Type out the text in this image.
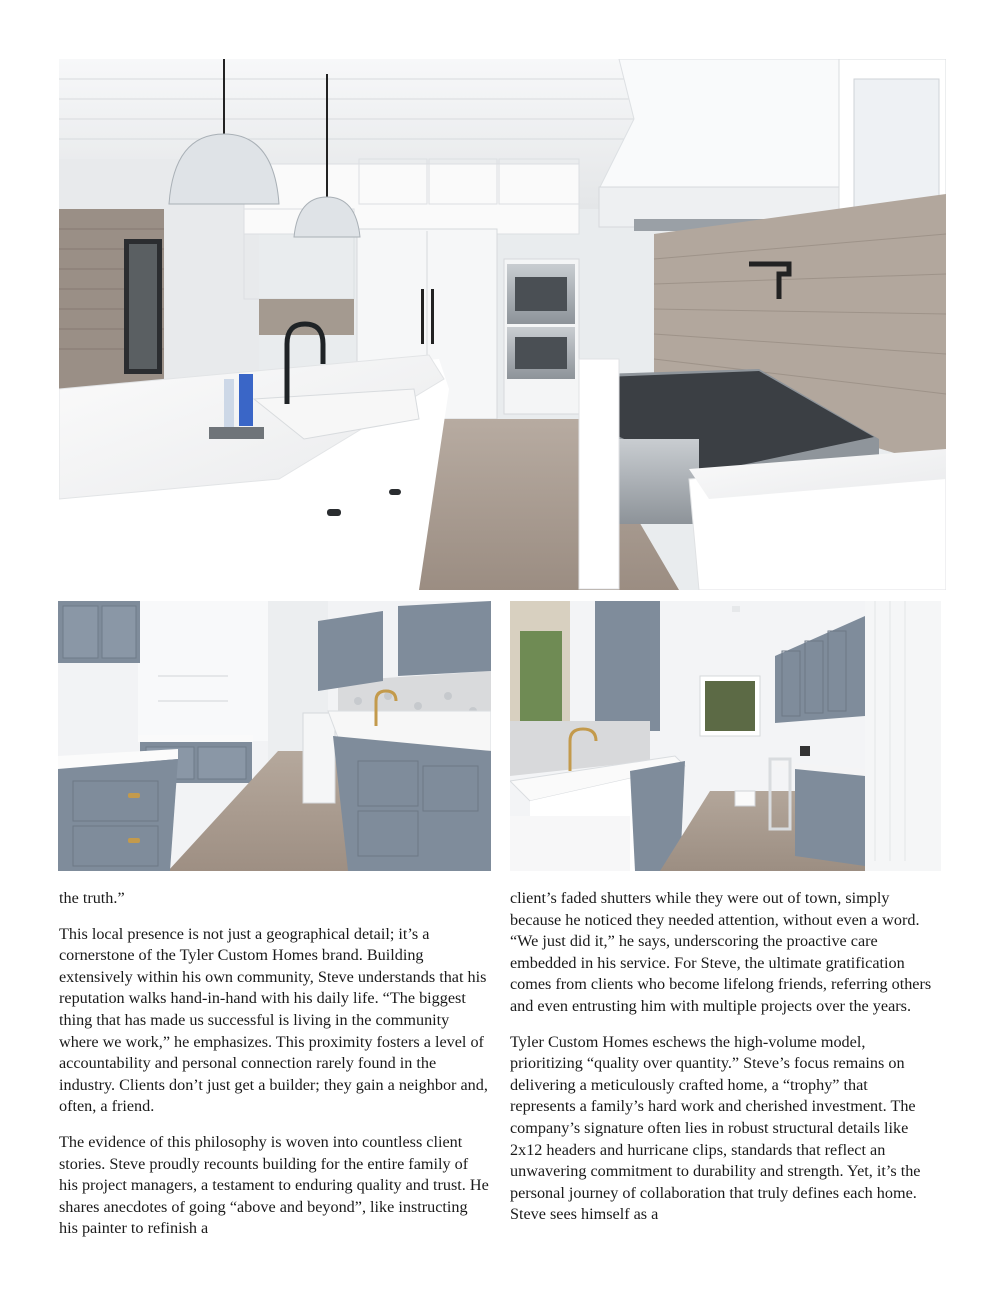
the truth.”

This local presence is not just a geographical detail; it’s a cornerstone of the Tyler Custom Homes brand. Building extensively within his own community, Steve understands that his reputation walks hand-in-hand with his daily life. “The biggest thing that has made us successful is living in the community where we work,” he emphasizes. This proximity fosters a level of accountability and personal connection rarely found in the industry. Clients don’t just get a builder; they gain a neighbor and, often, a friend.

The evidence of this philosophy is woven into countless client stories. Steve proudly recounts building for the entire family of his project managers, a testament to enduring quality and trust. He shares anecdotes of going “above and beyond”, like instructing his painter to refinish a

client’s faded shutters while they were out of town, simply because he noticed they needed attention, without even a word. “We just did it,” he says, underscoring the proactive care embedded in his service. For Steve, the ultimate gratification comes from clients who become lifelong friends, referring others and even entrusting him with multiple projects over the years.

Tyler Custom Homes eschews the high-volume model, prioritizing “quality over quantity.” Steve’s focus remains on delivering a meticulously crafted home, a “trophy” that represents a family’s hard work and cherished investment. The company’s signature often lies in robust structural details like 2x12 headers and hurricane clips, standards that reflect an unwavering commitment to durability and strength. Yet, it’s the personal journey of collaboration that truly defines each home. Steve sees himself as a
